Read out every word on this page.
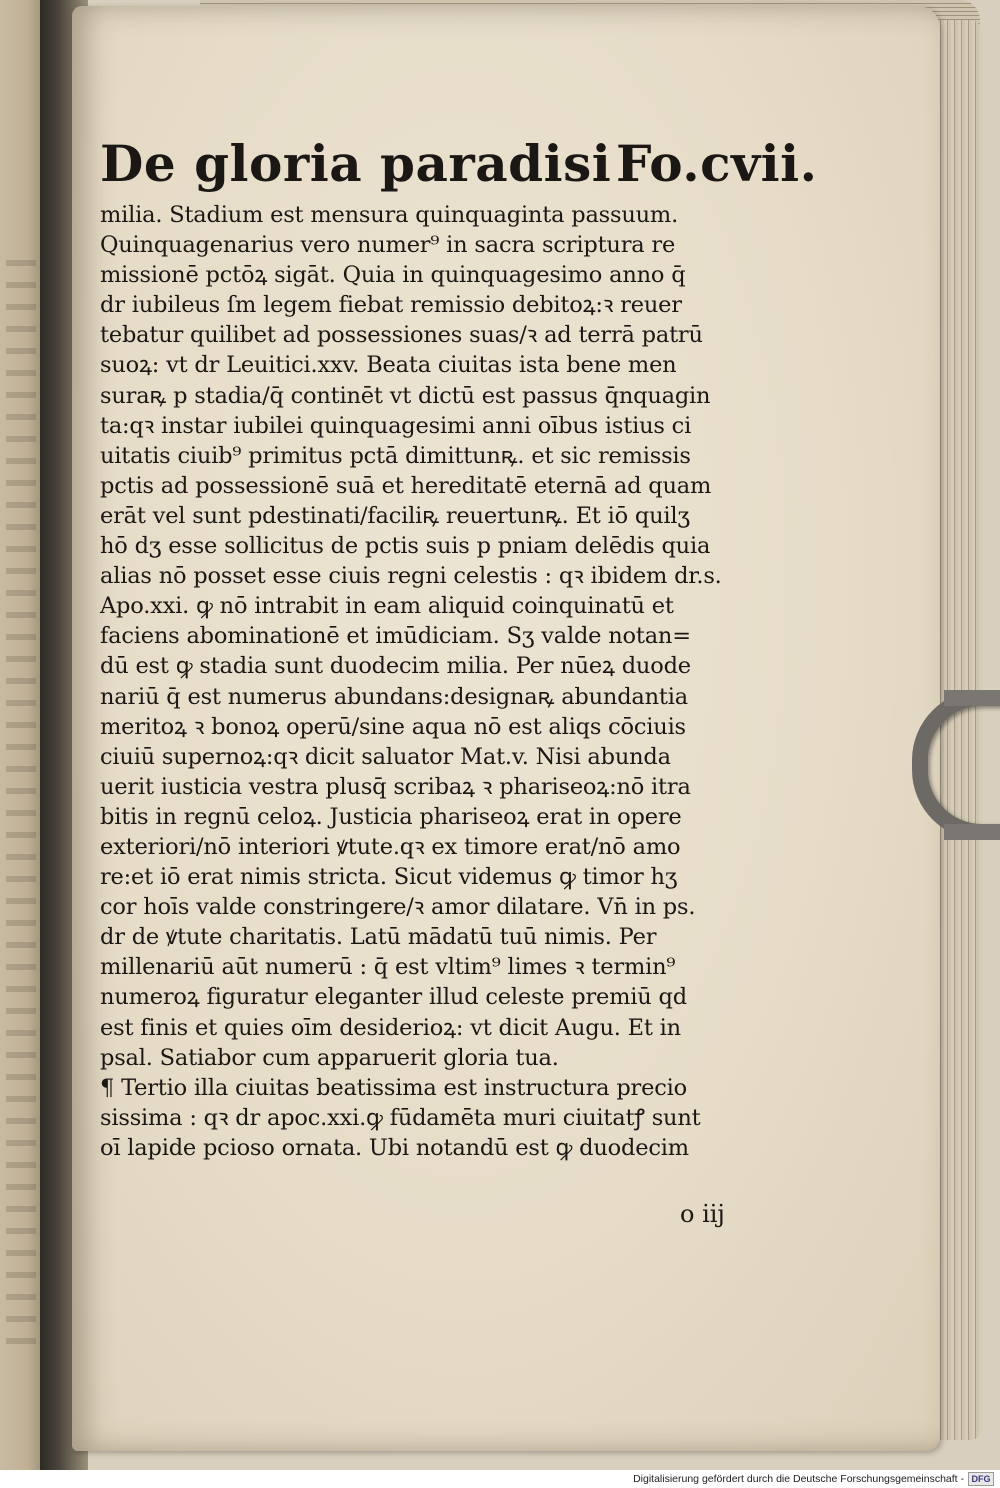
De gloria paradisi Fo.cvii.
milia. Stadium est mensura quinquaginta passuum.
Quinquagenarius vero numer⁹ in sacra scriptura re
missionē pctōꝝ sigāt. Quia in quinquagesimo anno q̄
dr iubileus ſm legem fiebat remissio debitoꝝ:ꝛ reuer
tebatur quilibet ad possessiones suas/ꝛ ad terrā patrū
suoꝝ: vt dr Leuitici.xxv. Beata ciuitas ista bene men
suraꝶ p stadia/q̄ continēt vt dictū est passus q̄nquagin
ta:qꝛ instar iubilei quinquagesimi anni oībus istius ci
uitatis ciuib⁹ primitus pctā dimittunꝶ. et sic remissis
pctis ad possessionē suā et hereditatē eternā ad quam
erāt vel sunt pdestinati/faciliꝶ reuertunꝶ. Et iō quilʒ
hō dʒ esse sollicitus de pctis suis p pniam delēdis quia
alias nō posset esse ciuis regni celestis : qꝛ ibidem dr.s.
Apo.xxi. ꝙ nō intrabit in eam aliquid coinquinatū et
faciens abominationē et imūdiciam. Sʒ valde notan=
dū est ꝙ stadia sunt duodecim milia. Per nūeꝝ duode
nariū q̄ est numerus abundans:designaꝶ abundantia
meritoꝝ ꝛ bonoꝝ operū/sine aqua nō est aliqs cōciuis
ciuiū supernoꝝ:qꝛ dicit saluator Mat.v. Nisi abunda
uerit iusticia vestra plusq̄ scribaꝝ ꝛ phariseoꝝ:nō itra
bitis in regnū celoꝝ. Justicia phariseoꝝ erat in opere
exteriori/nō interiori ꝟtute.qꝛ ex timore erat/nō amo
re:et iō erat nimis stricta. Sicut videmus ꝙ timor hʒ
cor hoīs valde constringere/ꝛ amor dilatare. Vn̄ in ps.
dr de ꝟtute charitatis. Latū mādatū tuū nimis. Per
millenariū aūt numerū : q̄ est vltim⁹ limes ꝛ termin⁹
numeroꝝ figuratur eleganter illud celeste premiū qd
est finis et quies oīm desiderioꝝ: vt dicit Augu. Et in
psal. Satiabor cum apparuerit gloria tua.
¶ Tertio illa ciuitas beatissima est instructura precio
sissima : qꝛ dr apoc.xxi.ꝙ fūdamēta muri ciuitatꝭ sunt
oī lapide pcioso ornata. Ubi notandū est ꝙ duodecim
o iij
Digitalisierung gefördert durch die Deutsche Forschungsgemeinschaft - DFG
